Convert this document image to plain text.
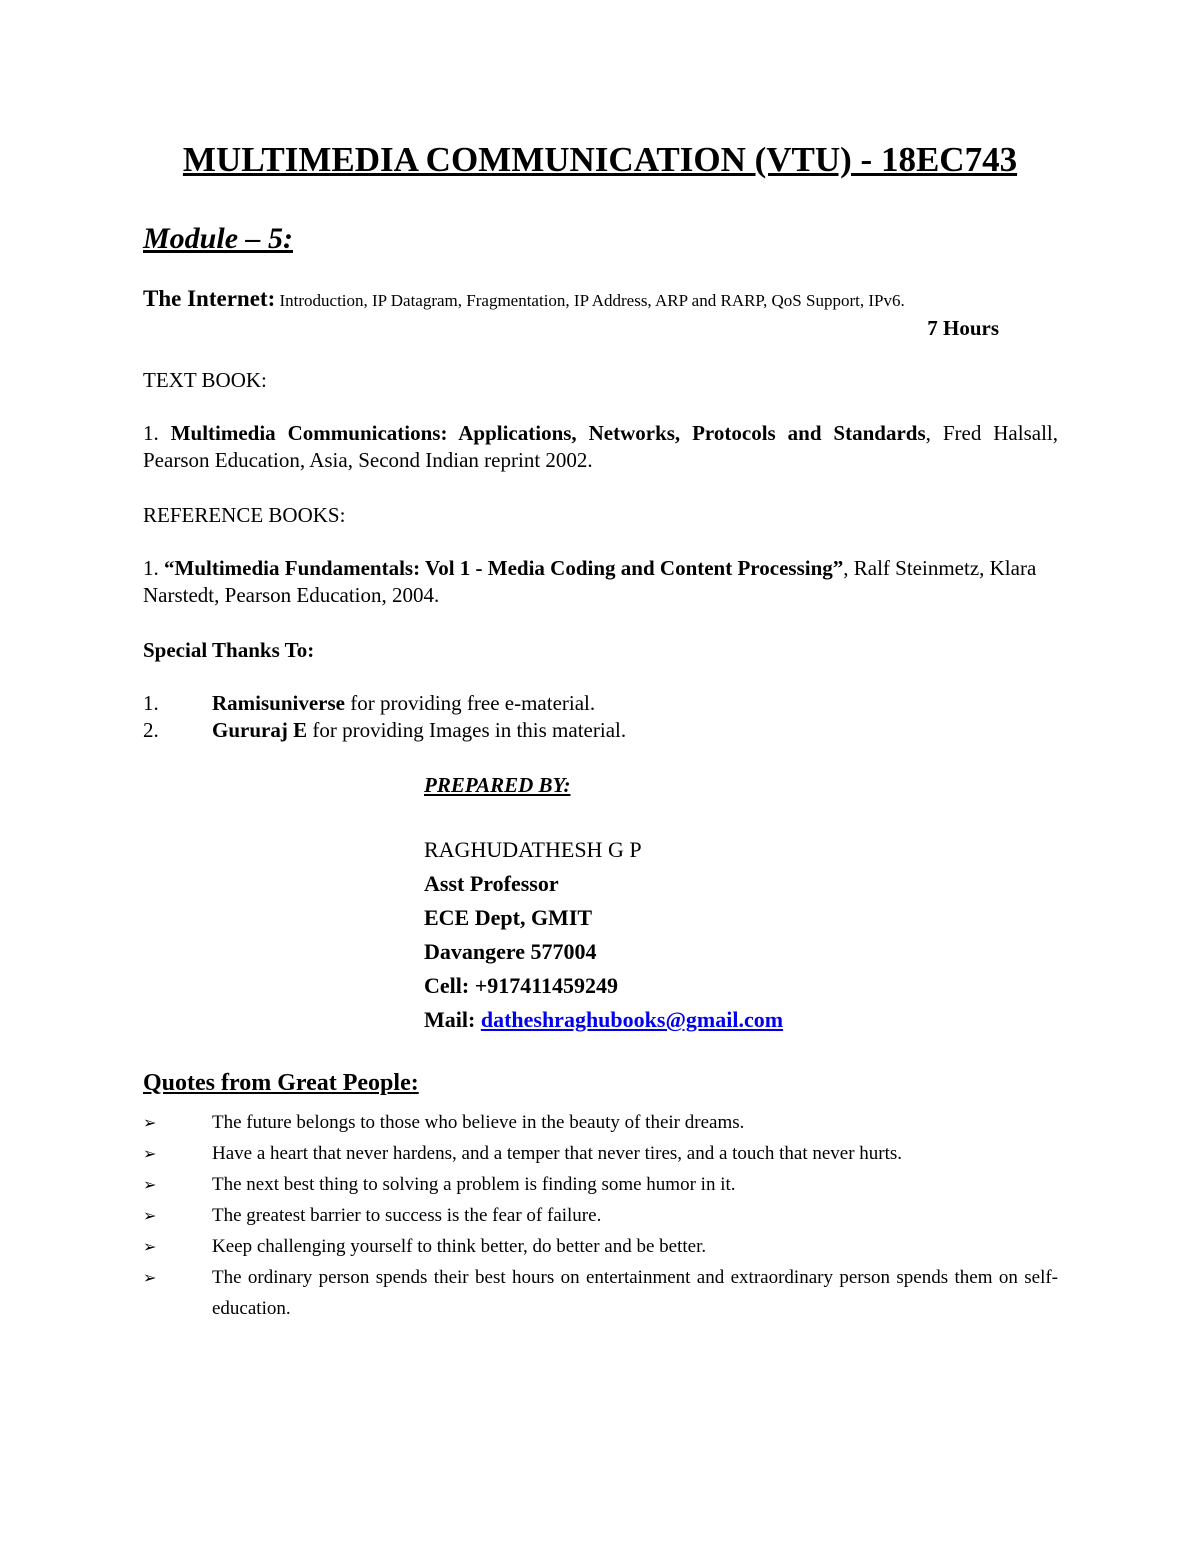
MULTIMEDIA COMMUNICATION (VTU) - 18EC743
Module – 5:
The Internet: Introduction, IP Datagram, Fragmentation, IP Address, ARP and RARP, QoS Support, IPv6.
7 Hours
TEXT BOOK:
1. Multimedia Communications: Applications, Networks, Protocols and Standards, Fred Halsall, Pearson Education, Asia, Second Indian reprint 2002.
REFERENCE BOOKS:
1. “Multimedia Fundamentals: Vol 1 - Media Coding and Content Processing”, Ralf Steinmetz, Klara Narstedt, Pearson Education, 2004.
Special Thanks To:
1.	Ramisuniverse for providing free e-material.
2.	Gururaj E for providing Images in this material.
PREPARED BY:
RAGHUDATHESH G P
Asst Professor
ECE Dept, GMIT
Davangere 577004
Cell: +917411459249
Mail: datheshraghubooks@gmail.com
Quotes from Great People:
➢	The future belongs to those who believe in the beauty of their dreams.
➢	Have a heart that never hardens, and a temper that never tires, and a touch that never hurts.
➢	The next best thing to solving a problem is finding some humor in it.
➢	The greatest barrier to success is the fear of failure.
➢	Keep challenging yourself to think better, do better and be better.
➢	The ordinary person spends their best hours on entertainment and extraordinary person spends them on self-education.
